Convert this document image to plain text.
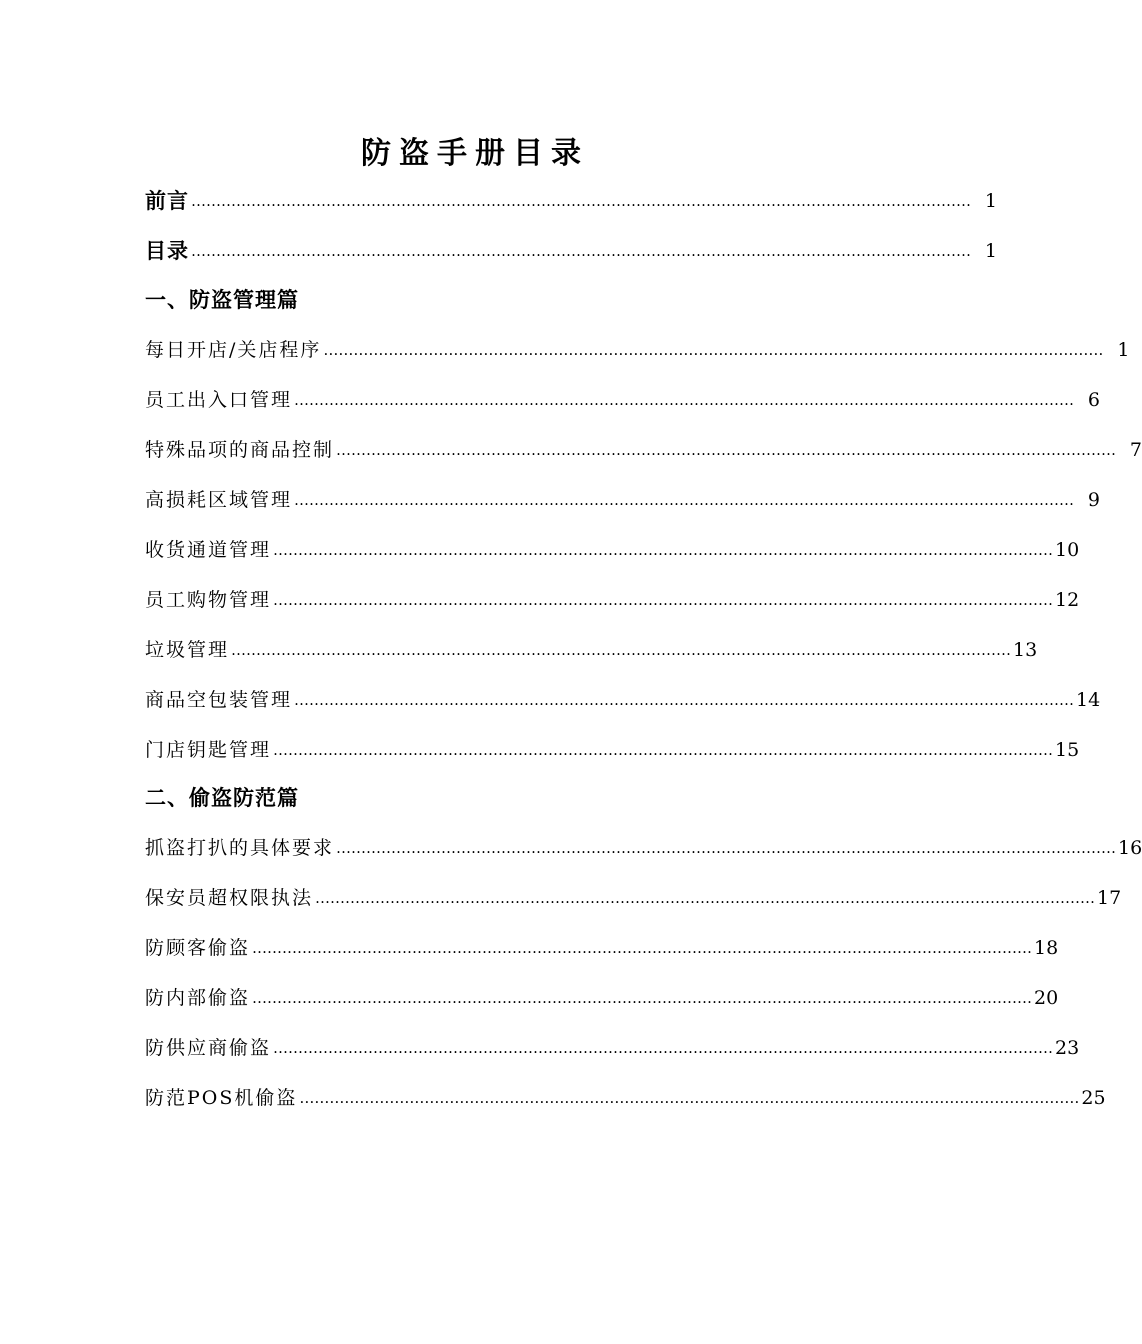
防盗手册目录
前言 ………………………………………………………………………………………………………………………………………… 1
目录 ………………………………………………………………………………………………………………………………………… 1
一、防盗管理篇
每日开店/关店程序 ………………………………………………………………………………………………………………………………………… 1
员工出入口管理 ………………………………………………………………………………………………………………………………………… 6
特殊品项的商品控制 ………………………………………………………………………………………………………………………………………… 7
高损耗区域管理 ………………………………………………………………………………………………………………………………………… 9
收货通道管理 ………………………………………………………………………………………………………………………………………… 10
员工购物管理 ………………………………………………………………………………………………………………………………………… 12
垃圾管理 ………………………………………………………………………………………………………………………………………… 13
商品空包装管理 ………………………………………………………………………………………………………………………………………… 14
门店钥匙管理 ………………………………………………………………………………………………………………………………………… 15
二、偷盗防范篇
抓盗打扒的具体要求 ………………………………………………………………………………………………………………………………………… 16
保安员超权限执法 ………………………………………………………………………………………………………………………………………… 17
防顾客偷盗 ………………………………………………………………………………………………………………………………………… 18
防内部偷盗 ………………………………………………………………………………………………………………………………………… 20
防供应商偷盗 ………………………………………………………………………………………………………………………………………… 23
防范POS机偷盗 ………………………………………………………………………………………………………………………………………… 25
